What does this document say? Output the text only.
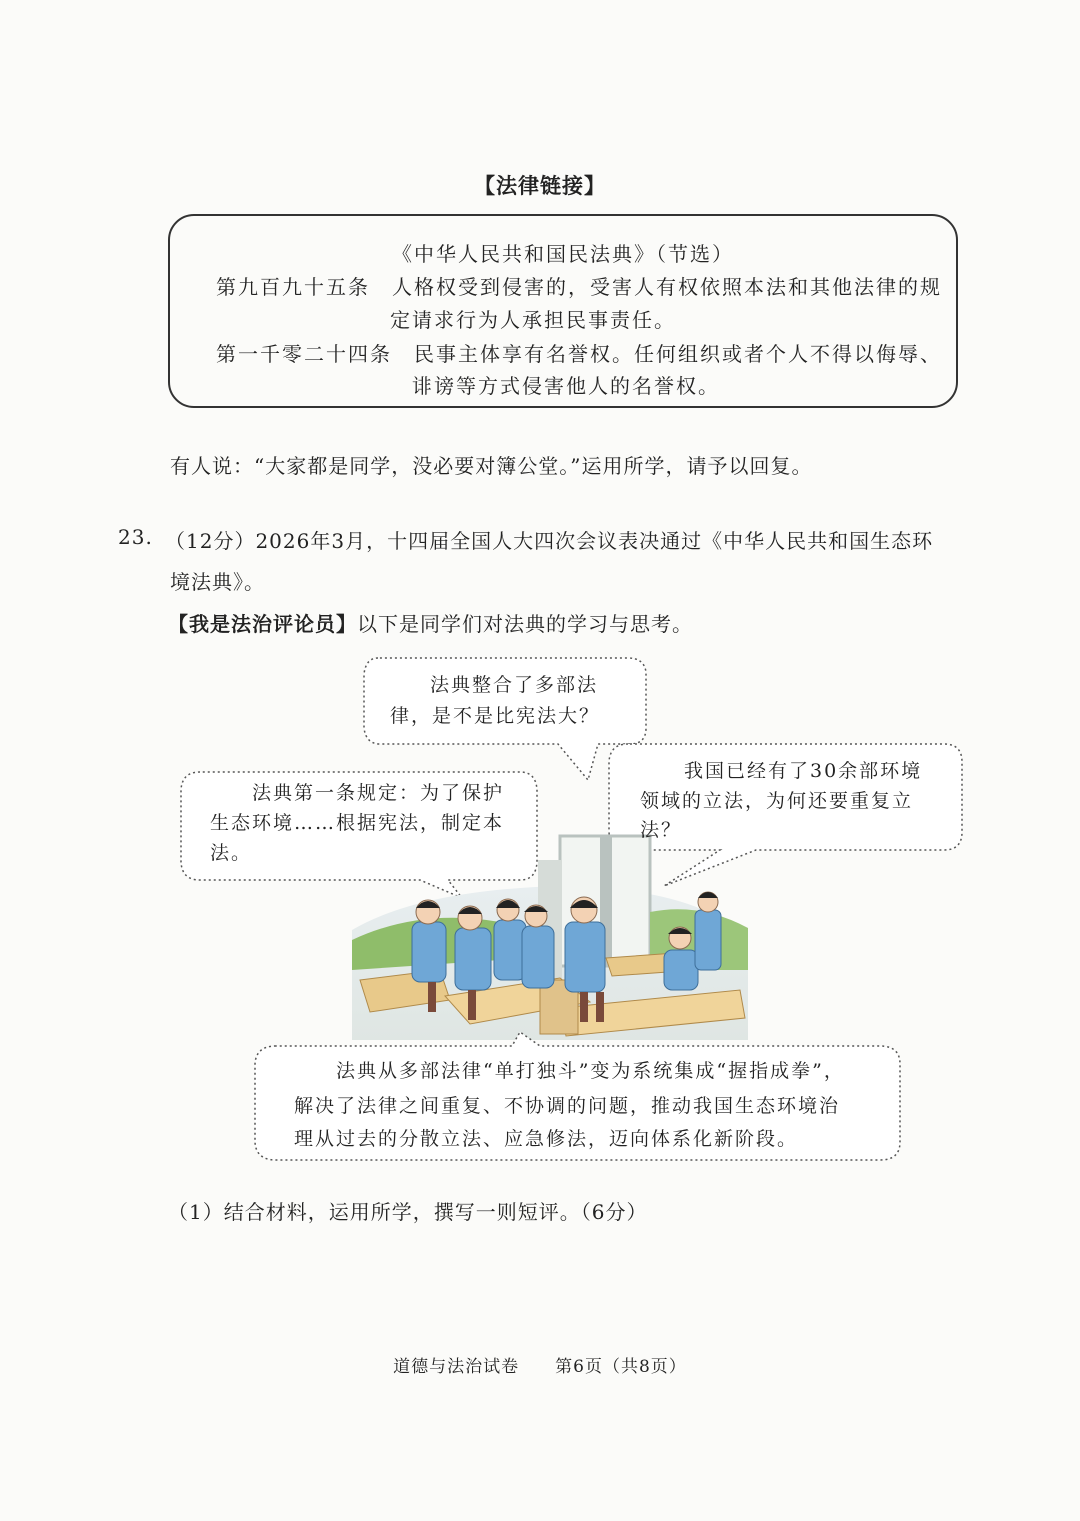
【法律链接】
《中华人民共和国民法典》（节选）
第九百九十五条　人格权受到侵害的，受害人有权依照本法和其他法律的规
定请求行为人承担民事责任。
第一千零二十四条　民事主体享有名誉权。任何组织或者个人不得以侮辱、
诽谤等方式侵害他人的名誉权。
有人说：“大家都是同学，没必要对簿公堂。”运用所学，请予以回复。
23. （12分）2026年3月，十四届全国人大四次会议表决通过《中华人民共和国生态环
境法典》。
【我是法治评论员】以下是同学们对法典的学习与思考。
法典整合了多部法
律，是不是比宪法大？
法典第一条规定：为了保护
生态环境……根据宪法，制定本
法。
我国已经有了30余部环境
领域的立法，为何还要重复立
法？
法典从多部法律“单打独斗”变为系统集成“握指成拳”，
解决了法律之间重复、不协调的问题，推动我国生态环境治
理从过去的分散立法、应急修法，迈向体系化新阶段。
（1）结合材料，运用所学，撰写一则短评。（6分）
道德与法治试卷　　第6页（共8页）
